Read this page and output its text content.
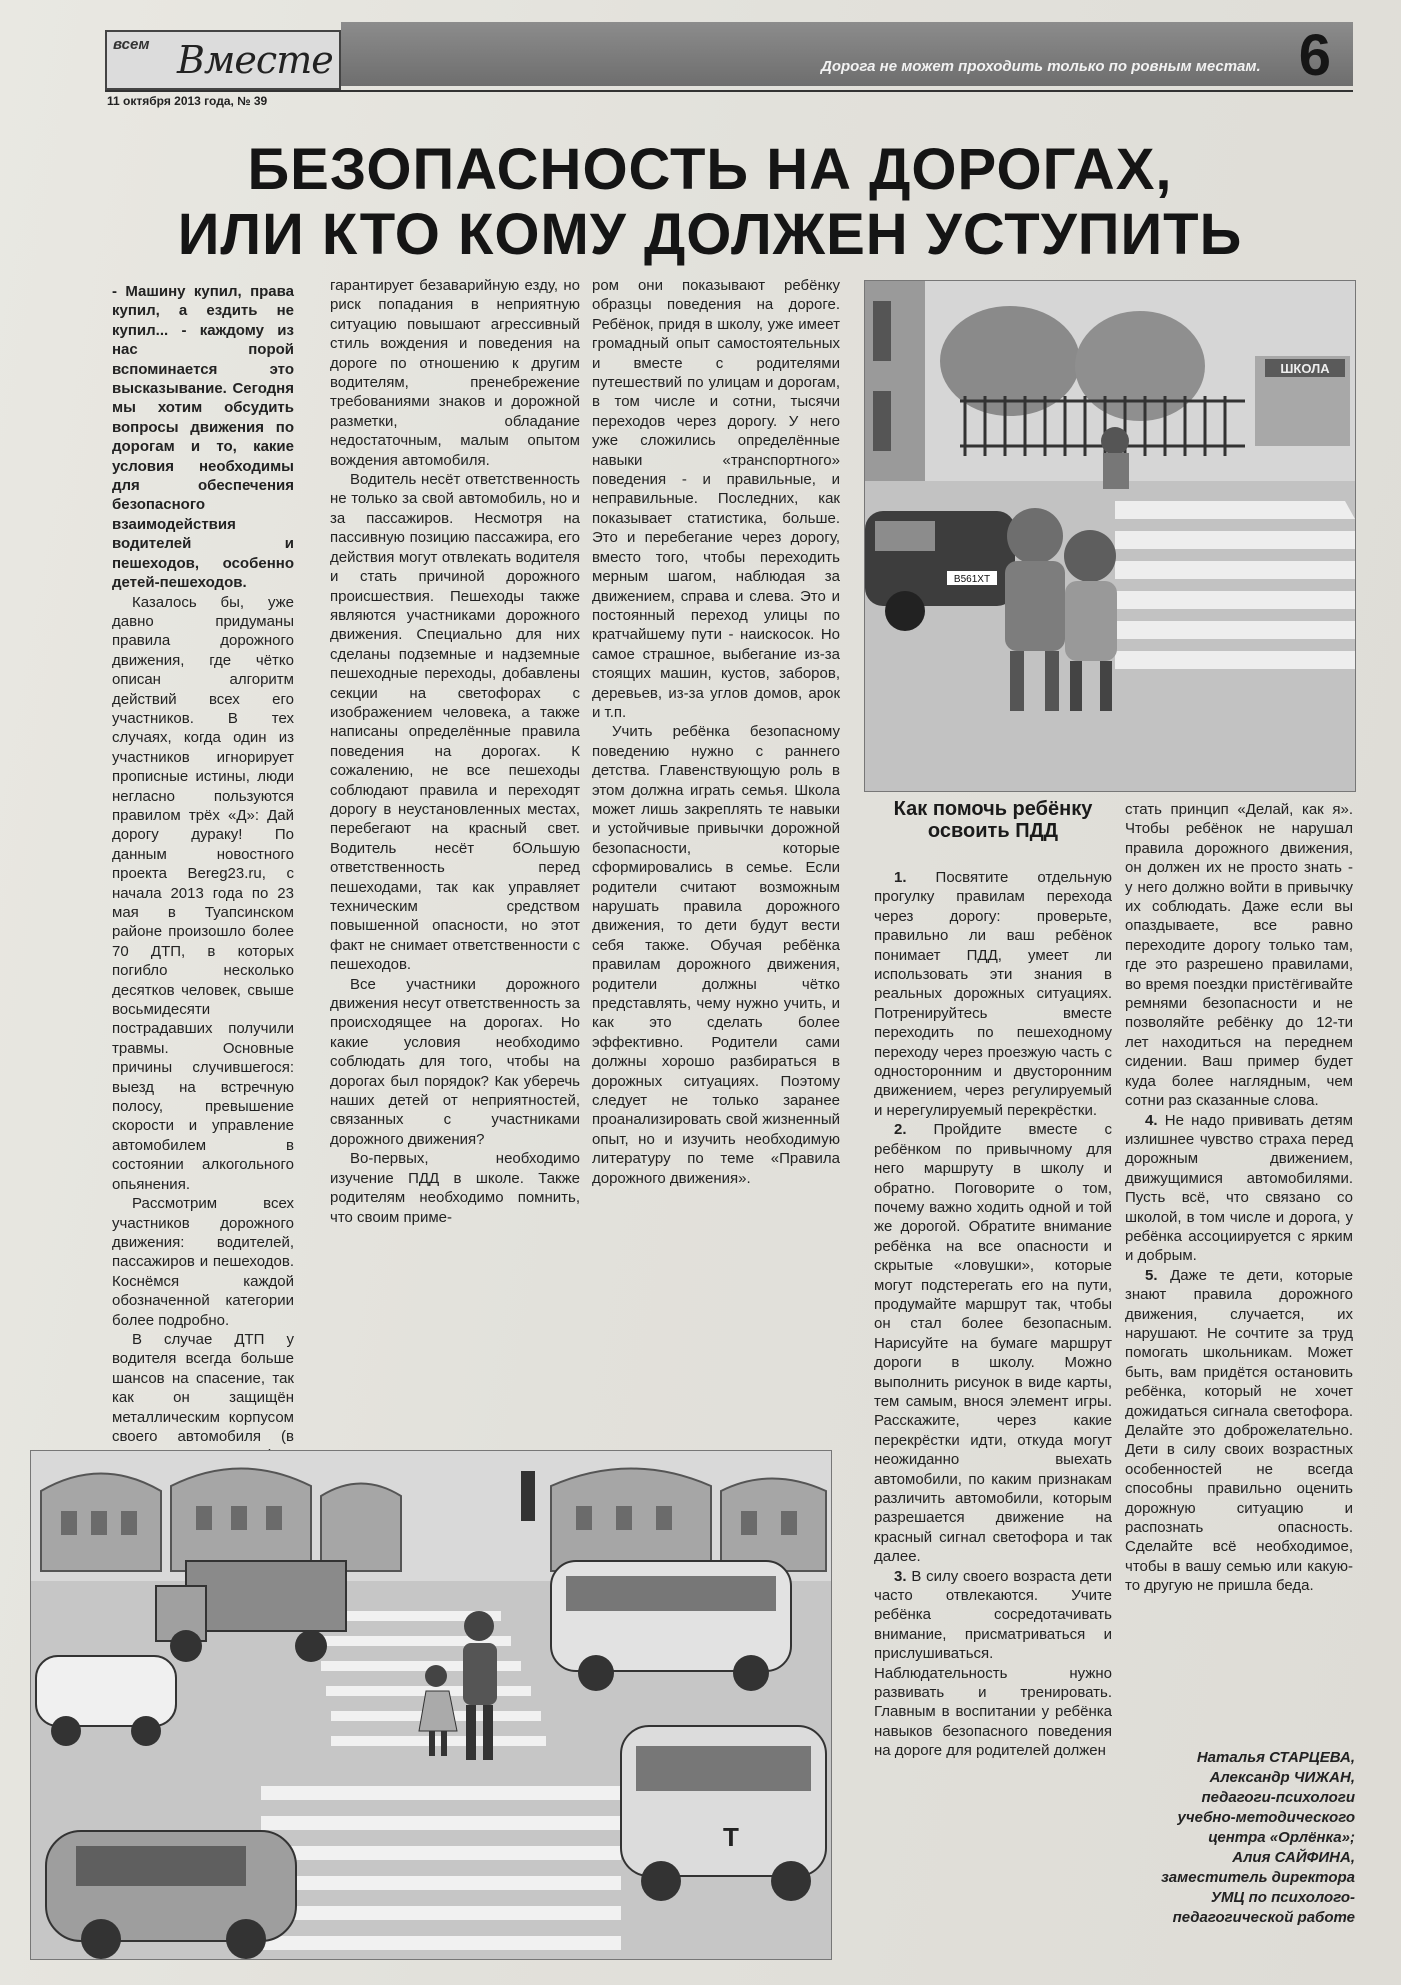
всем Вместе
11 октября 2013 года, № 39
Дорога не может проходить только по ровным местам. 6
БЕЗОПАСНОСТЬ НА ДОРОГАХ,
ИЛИ КТО КОМУ ДОЛЖЕН УСТУПИТЬ

- Машину купил, права купил, а ездить не купил... - каждому из нас порой вспоминается это высказывание. Сегодня мы хотим обсудить вопросы движения по дорогам и то, какие условия необходимы для обеспечения безопасного взаимодействия водителей и пешеходов, особенно детей-пешеходов.

Казалось бы, уже давно придуманы правила дорожного движения, где чётко описан алгоритм действий всех его участников. В тех случаях, когда один из участников игнорирует прописные истины, люди негласно пользуются правилом трёх «Д»: Дай дорогу дураку! По данным новостного проекта Bereg23.ru, с начала 2013 года по 23 мая в Туапсинском районе произошло более 70 ДТП, в которых погибло несколько десятков человек, свыше восьмидесяти пострадавших получили травмы. Основные причины случившегося: выезд на встречную полосу, превышение скорости и управление автомобилем в состоянии алкогольного опьянения.

Рассмотрим всех участников дорожного движения: водителей, пассажиров и пешеходов. Коснёмся каждой обозначенной категории более подробно.

В случае ДТП у водителя всегда больше шансов на спасение, так как он защищён металлическим корпусом своего автомобиля (в

гарантирует безаварийную езду, но риск попадания в неприятную ситуацию повышают агрессивный стиль вождения и поведения на дороге по отношению к другим водителям, пренебрежение требованиями знаков и дорожной разметки, обладание недостаточным, малым опытом вождения автомобиля.

Водитель несёт ответственность не только за свой автомобиль, но и за пассажиров. Несмотря на пассивную позицию пассажира, его действия могут отвлекать водителя и стать причиной дорожного происшествия. Пешеходы также являются участниками дорожного движения. Специально для них сделаны подземные и надземные пешеходные переходы, добавлены секции на светофорах с изображением человека, а также написаны определённые правила поведения на дорогах. К сожалению, не все пешеходы соблюдают правила и переходят дорогу в неустановленных местах, перебегают на красный свет. Водитель несёт бОльшую ответственность перед пешеходами, так как управляет техническим средством повышенной опасности, но этот факт не снимает ответственности с пешеходов.

Все участники дорожного движения несут ответственность за происходящее на дорогах. Но какие условия необходимо соблюдать для того, чтобы на дорогах был порядок? Как уберечь наших детей от неприятностей, связанных с участниками дорожного движения?

Во-первых, необходимо изучение ПДД в школе. Также родителям необходимо помнить, что своим приме-

ром они показывают ребёнку образцы поведения на дороге. Ребёнок, придя в школу, уже имеет громадный опыт самостоятельных и вместе с родителями путешествий по улицам и дорогам, в том числе и сотни, тысячи переходов через дорогу. У него уже сложились определённые навыки «транспортного» поведения - и правильные, и неправильные. Последних, как показывает статистика, больше. Это и перебегание через дорогу, вместо того, чтобы переходить мерным шагом, наблюдая за движением, справа и слева. Это и постоянный переход улицы по кратчайшему пути - наискосок. Но самое страшное, выбегание из-за стоящих машин, кустов, заборов, деревьев, из-за углов домов, арок и т.п.

Учить ребёнка безопасному поведению нужно с раннего детства. Главенствующую роль в этом должна играть семья. Школа может лишь закреплять те навыки и устойчивые привычки дорожной безопасности, которые сформировались в семье. Если родители считают возможным нарушать правила дорожного движения, то дети будут вести себя также. Обучая ребёнка правилам дорожного движения, родители должны чётко представлять, чему нужно учить, и как это сделать более эффективно. Родители сами должны хорошо разбираться в дорожных ситуациях. Поэтому следует не только заранее проанализировать свой жизненный опыт, но и изучить необходимую литературу по теме «Правила дорожного движения».

ШКОЛА
В561ХТ
Как помочь ребёнку освоить ПДД

1. Посвятите отдельную прогулку правилам перехода через дорогу: проверьте, правильно ли ваш ребёнок понимает ПДД, умеет ли использовать эти знания в реальных дорожных ситуациях. Потренируйтесь вместе переходить по пешеходному переходу через проезжую часть с односторонним и двусторонним движением, через регулируемый и нерегулируемый перекрёстки.

2. Пройдите вместе с ребёнком по привычному для него маршруту в школу и обратно. Поговорите о том, почему важно ходить одной и той же дорогой. Обратите внимание ребёнка на все опасности и скрытые «ловушки», которые могут подстерегать его на пути, продумайте маршрут так, чтобы он стал более безопасным. Нарисуйте на бумаге маршрут дороги в школу. Можно выполнить рисунок в виде карты, тем самым, внося элемент игры. Расскажите, через какие перекрёстки идти, откуда могут неожиданно выехать автомобили, по каким признакам различить автомобили, которым разрешается движение на красный сигнал светофора и так далее.

3. В силу своего возраста дети часто отвлекаются. Учите ребёнка сосредотачивать внимание, присматриваться и прислушиваться. Наблюдательность нужно развивать и тренировать. Главным в воспитании у ребёнка навыков безопасного поведения на дороге для родителей должен

стать принцип «Делай, как я». Чтобы ребёнок не нарушал правила дорожного движения, он должен их не просто знать - у него должно войти в привычку их соблюдать. Даже если вы опаздываете, все равно переходите дорогу только там, где это разрешено правилами, во время поездки пристёгивайте ремнями безопасности и не позволяйте ребёнку до 12-ти лет находиться на переднем сидении. Ваш пример будет куда более наглядным, чем сотни раз сказанные слова.

4. Не надо прививать детям излишнее чувство страха перед дорожным движением, движущимися автомобилями. Пусть всё, что связано со школой, в том числе и дорога, у ребёнка ассоциируется с ярким и добрым.

5. Даже те дети, которые знают правила дорожного движения, случается, их нарушают. Не сочтите за труд помогать школьникам. Может быть, вам придётся остановить ребёнка, который не хочет дожидаться сигнала светофора. Делайте это доброжелательно. Дети в силу своих возрастных особенностей не всегда способны правильно оценить дорожную ситуацию и распознать опасность. Сделайте всё необходимое, чтобы в вашу семью или какую-то другую не пришла беда.

Наталья СТАРЦЕВА,
Александр ЧИЖАН,
педагоги-психологи
учебно-методического
центра «Орлёнка»;
Алия САЙФИНА,
заместитель директора
УМЦ по психолого-
педагогической работе
Т
